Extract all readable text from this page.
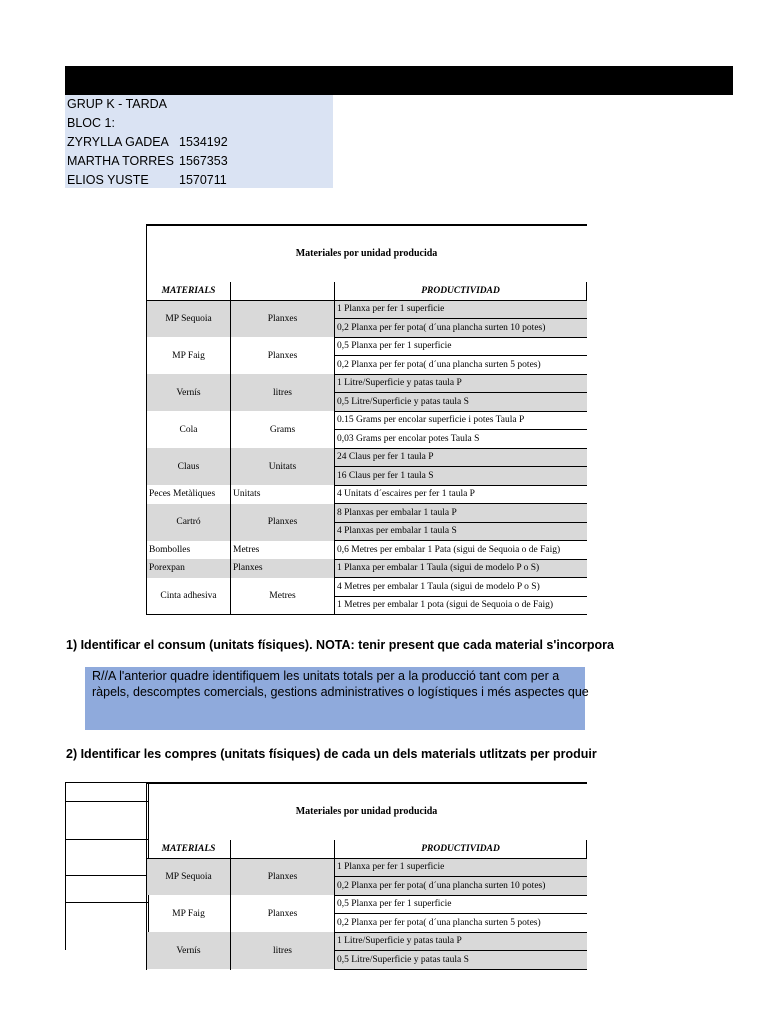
GRUP K - TARDA
BLOC 1:
ZYRYLLA GADEA 1534192
MARTHA TORRES 1567353
ELIOS YUSTE 1570711
Materiales por unidad producida		
MATERIALS		PRODUCTIVIDAD
MP Sequoia	Planxes	1 Planxa per fer 1 superficie
		0,2 Planxa per fer pota( d´una plancha surten 10 potes)
MP Faig	Planxes	0,5 Planxa per fer 1 superficie
		0,2 Planxa per fer pota( d´una plancha surten 5 potes)
Vernís	litres	1 Litre/Superficie y patas taula P
		0,5 Litre/Superficie y patas taula S
Cola	Grams	0.15 Grams per encolar superficie i potes Taula P
		0,03 Grams per encolar potes Taula S
Claus	Unitats	24 Claus per fer 1 taula P
		16 Claus per fer 1 taula S
Peces Metàliques	Unitats	4 Unitats d´escaires per fer 1 taula P
Cartró	Planxes	8 Planxas per embalar 1 taula P
		4 Planxas per embalar 1 taula S
Bombolles	Metres	0,6 Metres per embalar 1 Pata (sigui de Sequoia o de Faig)
Porexpan	Planxes	1 Planxa per embalar 1 Taula (sigui de modelo P o S)
Cinta adhesiva	Metres	4 Metres per embalar 1 Taula (sigui de modelo P o S)
		1 Metres per embalar 1 pota (sigui de Sequoia o de Faig)
1) Identificar el consum (unitats físiques). NOTA: tenir present que cada material s'incorpora
R//A l'anterior quadre identifiquem les unitats totals per a la producció tant com per a
ràpels, descomptes comercials, gestions administratives o logístiques i més aspectes que
2) Identificar les compres (unitats físiques) de cada un dels materials utlitzats per produir
Materiales por unidad producida		
MATERIALS		PRODUCTIVIDAD
MP Sequoia	Planxes	1 Planxa per fer 1 superficie
		0,2 Planxa per fer pota( d´una plancha surten 10 potes)
MP Faig	Planxes	0,5 Planxa per fer 1 superficie
		0,2 Planxa per fer pota( d´una plancha surten 5 potes)
Vernís	litres	1 Litre/Superficie y patas taula P
		0,5 Litre/Superficie y patas taula S
